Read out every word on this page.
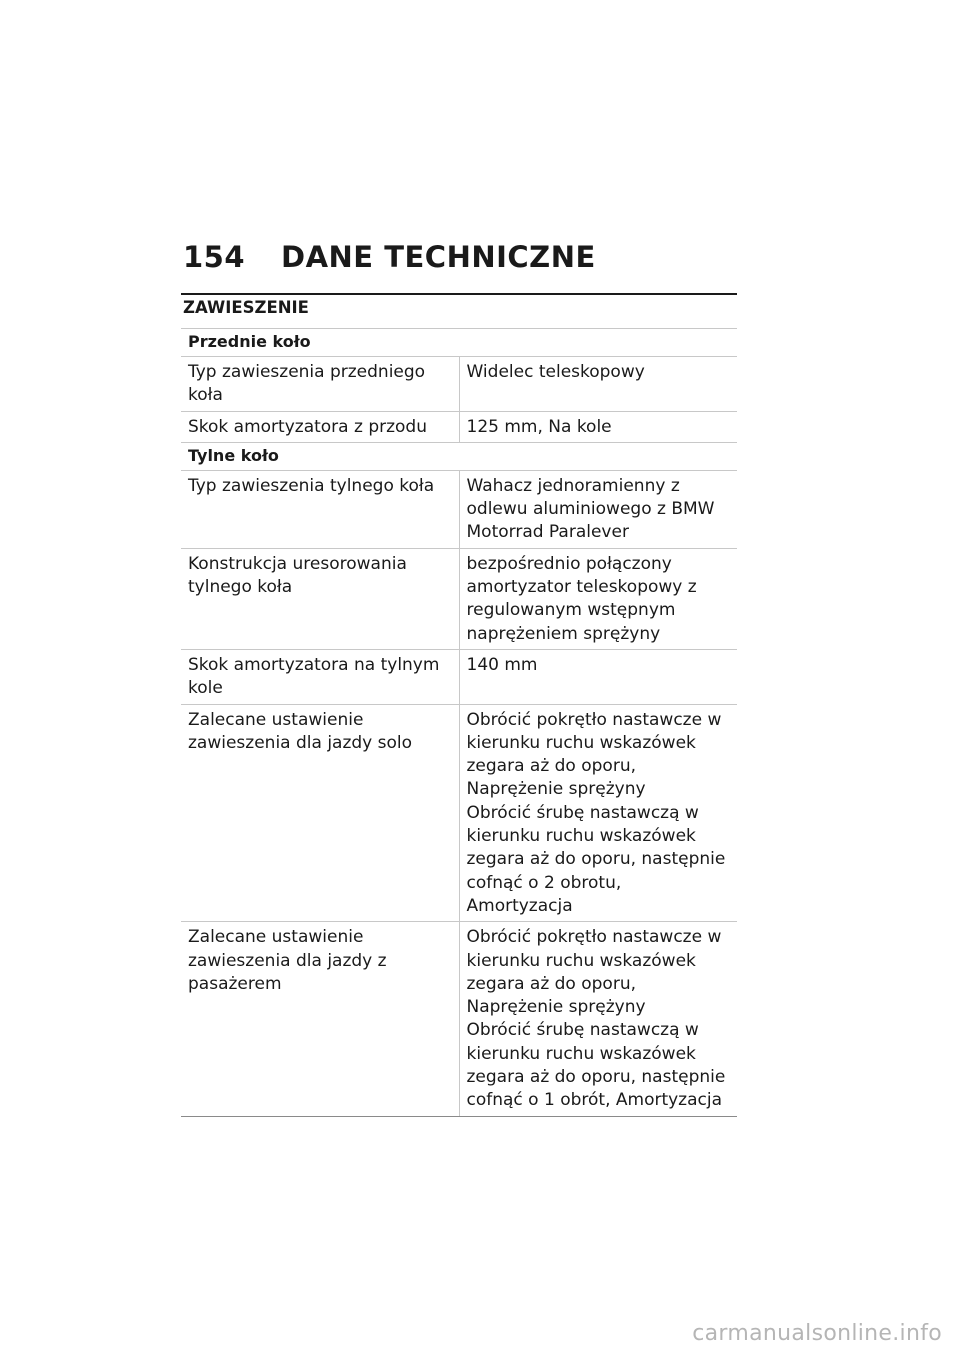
154 DANE TECHNICZNE
ZAWIESZENIE
Przednie koło	
Typ zawieszenia przedniego koła	Widelec teleskopowy

Skok amortyzatora z przodu	125 mm, Na kole

Tylne koło	
Typ zawieszenia tylnego koła	Wahacz jednoramienny z odlewu aluminiowego z BMW Motorrad Paralever

Konstrukcja uresorowania tylnego koła	bezpośrednio połączony amortyzator teleskopowy z regulowanym wstępnym naprężeniem sprężyny

Skok amortyzatora na tylnym kole	140 mm

Zalecane ustawienie zawieszenia dla jazdy solo	Obrócić pokrętło nastawcze w kierunku ruchu wskazówek zegara aż do oporu, Naprężenie sprężyny
Obrócić śrubę nastawczą w kierunku ruchu wskazówek zegara aż do oporu, następnie cofnąć o 2 obrotu, Amortyzacja

Zalecane ustawienie zawieszenia dla jazdy z pasażerem	Obrócić pokrętło nastawcze w kierunku ruchu wskazówek zegara aż do oporu, Naprężenie sprężyny
Obrócić śrubę nastawczą w kierunku ruchu wskazówek zegara aż do oporu, następnie cofnąć o 1 obrót, Amortyzacja
carmanualsonline.info
